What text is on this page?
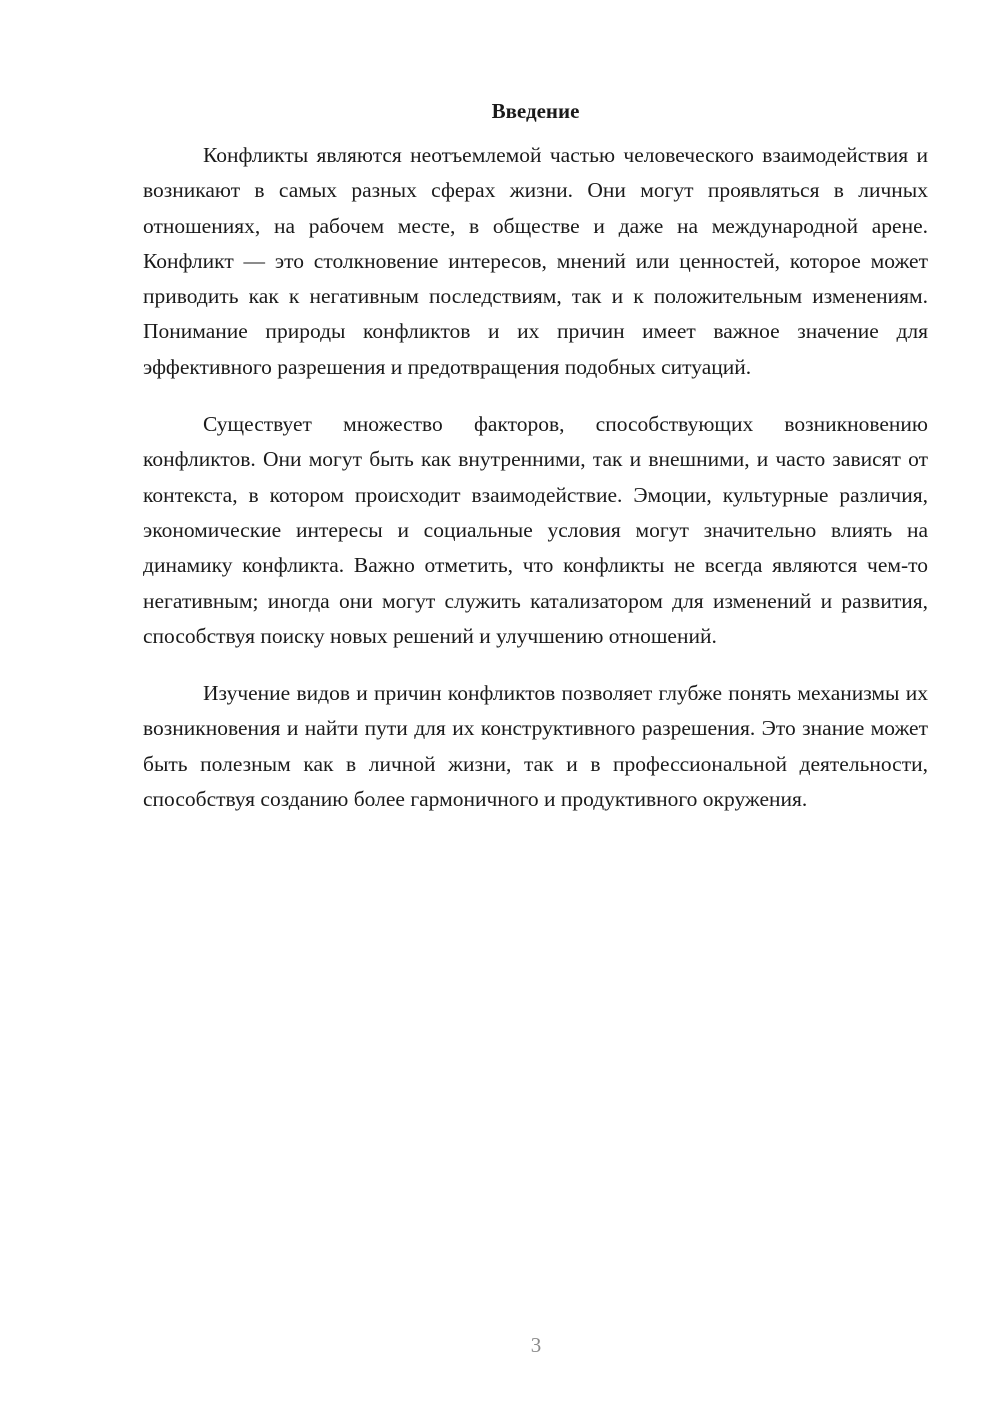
Введение

Конфликты являются неотъемлемой частью человеческого взаимодействия и возникают в самых разных сферах жизни. Они могут проявляться в личных отношениях, на рабочем месте, в обществе и даже на международной арене. Конфликт — это столкновение интересов, мнений или ценностей, которое может приводить как к негативным последствиям, так и к положительным изменениям. Понимание природы конфликтов и их причин имеет важное значение для эффективного разрешения и предотвращения подобных ситуаций.

Существует множество факторов, способствующих возникновению конфликтов. Они могут быть как внутренними, так и внешними, и часто зависят от контекста, в котором происходит взаимодействие. Эмоции, культурные различия, экономические интересы и социальные условия могут значительно влиять на динамику конфликта. Важно отметить, что конфликты не всегда являются чем-то негативным; иногда они могут служить катализатором для изменений и развития, способствуя поиску новых решений и улучшению отношений.

Изучение видов и причин конфликтов позволяет глубже понять механизмы их возникновения и найти пути для их конструктивного разрешения. Это знание может быть полезным как в личной жизни, так и в профессиональной деятельности, способствуя созданию более гармоничного и продуктивного окружения.

3
